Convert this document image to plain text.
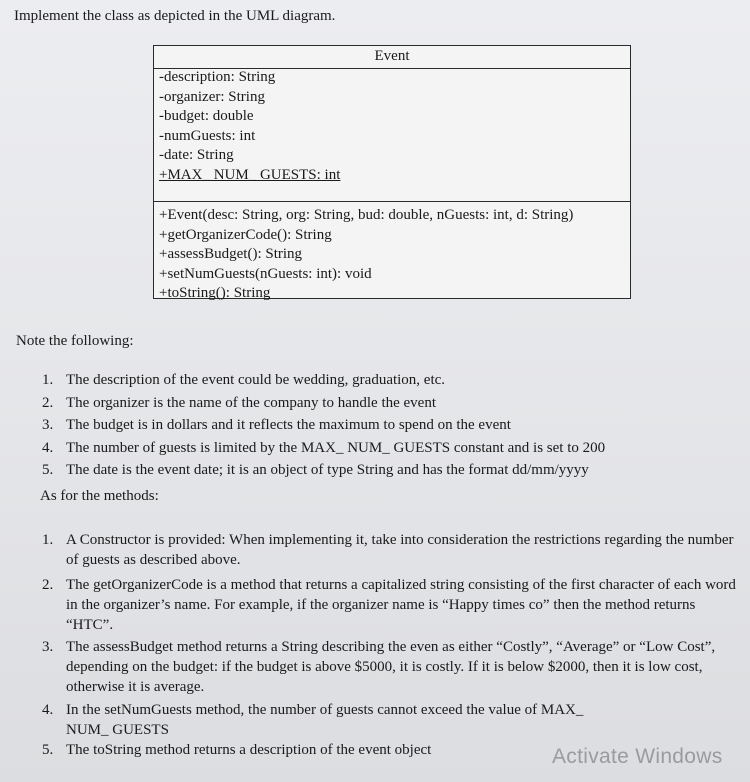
Implement the class as depicted in the UML diagram.
Event
-description: String
-organizer: String
-budget: double
-numGuests: int
-date: String
+MAX_ NUM_ GUESTS: int
+Event(desc: String, org: String, bud: double, nGuests: int, d: String)
+getOrganizerCode(): String
+assessBudget(): String
+setNumGuests(nGuests: int): void
+toString(): String
Note the following:
1. The description of the event could be wedding, graduation, etc.
2. The organizer is the name of the company to handle the event
3. The budget is in dollars and it reflects the maximum to spend on the event
4. The number of guests is limited by the MAX_ NUM_ GUESTS constant and is set to 200
5. The date is the event date; it is an object of type String and has the format dd/mm/yyyy
As for the methods:
1. A Constructor is provided: When implementing it, take into consideration the restrictions regarding the number of guests as described above.
2. The getOrganizerCode is a method that returns a capitalized string consisting of the first character of each word in the organizer’s name. For example, if the organizer name is “Happy times co” then the method returns “HTC”.
3. The assessBudget method returns a String describing the even as either “Costly”, “Average” or “Low Cost”, depending on the budget: if the budget is above $5000, it is costly. If it is below $2000, then it is low cost, otherwise it is average.
4. In the setNumGuests method, the number of guests cannot exceed the value of MAX_ NUM_ GUESTS
5. The toString method returns a description of the event object	Activate Windows
